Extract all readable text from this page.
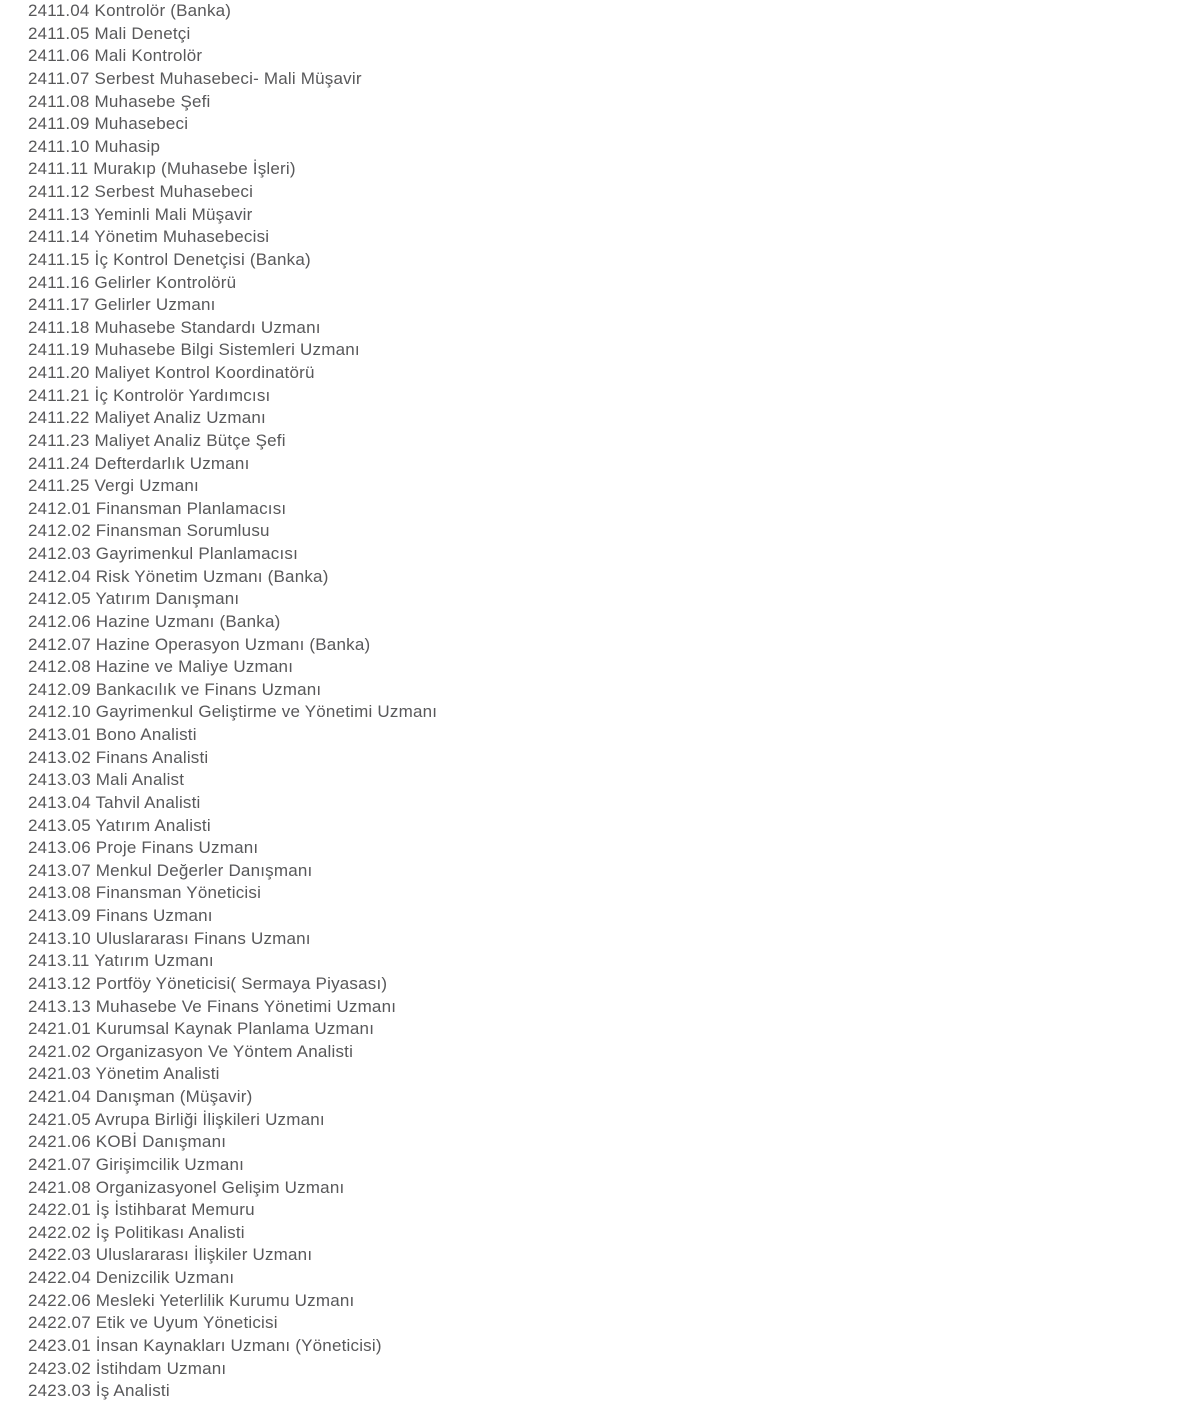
2411.04 Kontrolör (Banka)
2411.05 Mali Denetçi
2411.06 Mali Kontrolör
2411.07 Serbest Muhasebeci- Mali Müşavir
2411.08 Muhasebe Şefi
2411.09 Muhasebeci
2411.10 Muhasip
2411.11 Murakıp (Muhasebe İşleri)
2411.12 Serbest Muhasebeci
2411.13 Yeminli Mali Müşavir
2411.14 Yönetim Muhasebecisi
2411.15 İç Kontrol Denetçisi (Banka)
2411.16 Gelirler Kontrolörü
2411.17 Gelirler Uzmanı
2411.18 Muhasebe Standardı Uzmanı
2411.19 Muhasebe Bilgi Sistemleri Uzmanı
2411.20 Maliyet Kontrol Koordinatörü
2411.21 İç Kontrolör Yardımcısı
2411.22 Maliyet Analiz Uzmanı
2411.23 Maliyet Analiz Bütçe Şefi
2411.24 Defterdarlık Uzmanı
2411.25 Vergi Uzmanı
2412.01 Finansman Planlamacısı
2412.02 Finansman Sorumlusu
2412.03 Gayrimenkul Planlamacısı
2412.04 Risk Yönetim Uzmanı (Banka)
2412.05 Yatırım Danışmanı
2412.06 Hazine Uzmanı (Banka)
2412.07 Hazine Operasyon Uzmanı (Banka)
2412.08 Hazine ve Maliye Uzmanı
2412.09 Bankacılık ve Finans Uzmanı
2412.10 Gayrimenkul Geliştirme ve Yönetimi Uzmanı
2413.01 Bono Analisti
2413.02 Finans Analisti
2413.03 Mali Analist
2413.04 Tahvil Analisti
2413.05 Yatırım Analisti
2413.06 Proje Finans Uzmanı
2413.07 Menkul Değerler Danışmanı
2413.08 Finansman Yöneticisi
2413.09 Finans Uzmanı
2413.10 Uluslararası Finans Uzmanı
2413.11 Yatırım Uzmanı
2413.12 Portföy Yöneticisi( Sermaya Piyasası)
2413.13 Muhasebe Ve Finans Yönetimi Uzmanı
2421.01 Kurumsal Kaynak Planlama Uzmanı
2421.02 Organizasyon Ve Yöntem Analisti
2421.03 Yönetim Analisti
2421.04 Danışman (Müşavir)
2421.05 Avrupa Birliği İlişkileri Uzmanı
2421.06 KOBİ Danışmanı
2421.07 Girişimcilik Uzmanı
2421.08 Organizasyonel Gelişim Uzmanı
2422.01 İş İstihbarat Memuru
2422.02 İş Politikası Analisti
2422.03 Uluslararası İlişkiler Uzmanı
2422.04 Denizcilik Uzmanı
2422.06 Mesleki Yeterlilik Kurumu Uzmanı
2422.07 Etik ve Uyum Yöneticisi
2423.01 İnsan Kaynakları Uzmanı (Yöneticisi)
2423.02 İstihdam Uzmanı
2423.03 İş Analisti
